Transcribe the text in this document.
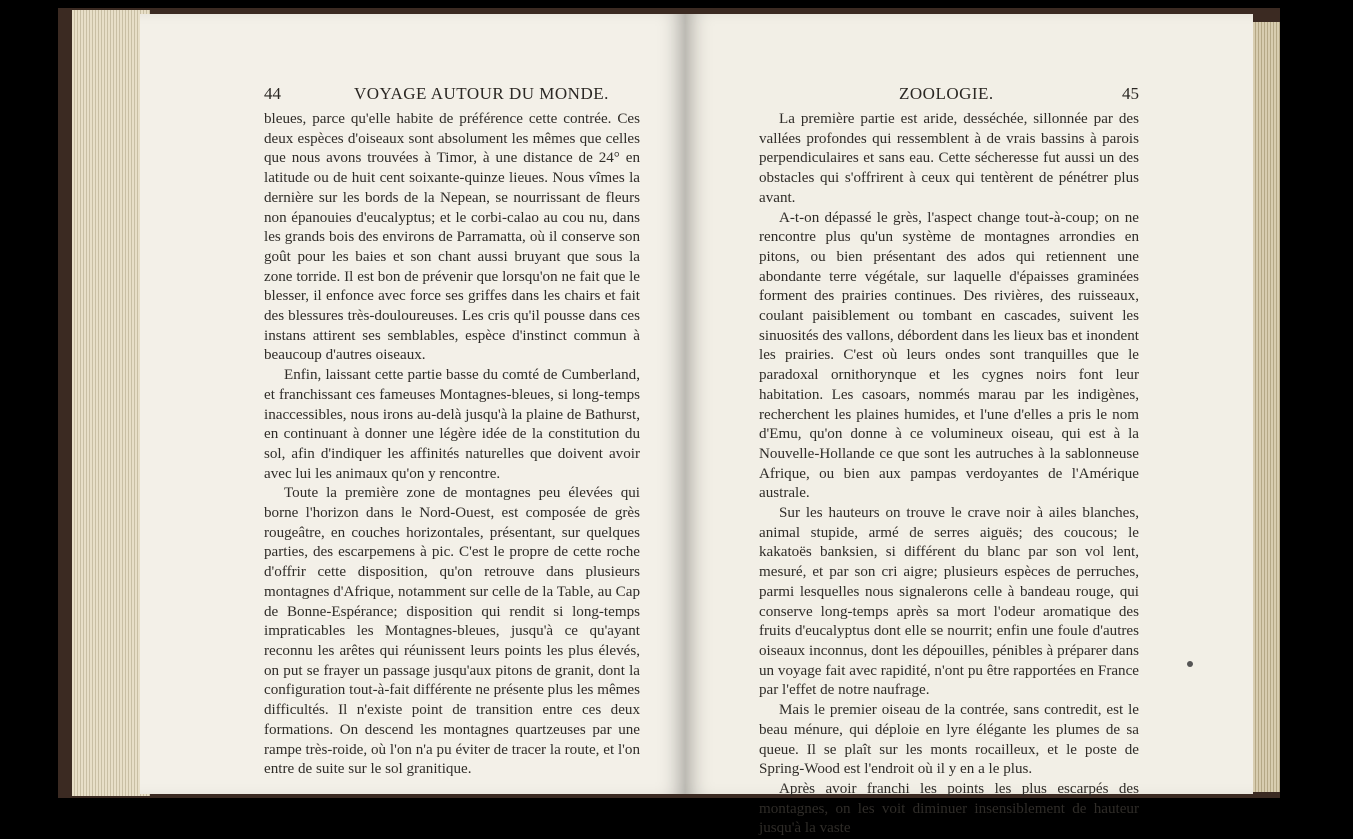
44	VOYAGE AUTOUR DU MONDE.

bleues, parce qu'elle habite de préférence cette contrée. Ces deux espèces d'oiseaux sont absolument les mêmes que celles que nous avons trouvées à Timor, à une distance de 24° en latitude ou de huit cent soixante-quinze lieues. Nous vîmes la dernière sur les bords de la Nepean, se nourrissant de fleurs non épanouies d'eucalyptus; et le corbi-calao au cou nu, dans les grands bois des environs de Parramatta, où il conserve son goût pour les baies et son chant aussi bruyant que sous la zone torride. Il est bon de prévenir que lorsqu'on ne fait que le blesser, il enfonce avec force ses griffes dans les chairs et fait des blessures très-douloureuses. Les cris qu'il pousse dans ces instans attirent ses semblables, espèce d'instinct commun à beaucoup d'autres oiseaux.

Enfin, laissant cette partie basse du comté de Cumberland, et franchissant ces fameuses Montagnes-bleues, si long-temps inaccessibles, nous irons au-delà jusqu'à la plaine de Bathurst, en continuant à donner une légère idée de la constitution du sol, afin d'indiquer les affinités naturelles que doivent avoir avec lui les animaux qu'on y rencontre.

Toute la première zone de montagnes peu élevées qui borne l'horizon dans le Nord-Ouest, est composée de grès rougeâtre, en couches horizontales, présentant, sur quelques parties, des escarpemens à pic. C'est le propre de cette roche d'offrir cette disposition, qu'on retrouve dans plusieurs montagnes d'Afrique, notamment sur celle de la Table, au Cap de Bonne-Espérance; disposition qui rendit si long-temps impraticables les Montagnes-bleues, jusqu'à ce qu'ayant reconnu les arêtes qui réunissent leurs points les plus élevés, on put se frayer un passage jusqu'aux pitons de granit, dont la configuration tout-à-fait différente ne présente plus les mêmes difficultés. Il n'existe point de transition entre ces deux formations. On descend les montagnes quartzeuses par une rampe très-roide, où l'on n'a pu éviter de tracer la route, et l'on entre de suite sur le sol granitique.

ZOOLOGIE.	45

La première partie est aride, desséchée, sillonnée par des vallées profondes qui ressemblent à de vrais bassins à parois perpendiculaires et sans eau. Cette sécheresse fut aussi un des obstacles qui s'offrirent à ceux qui tentèrent de pénétrer plus avant.

A-t-on dépassé le grès, l'aspect change tout-à-coup; on ne rencontre plus qu'un système de montagnes arrondies en pitons, ou bien présentant des ados qui retiennent une abondante terre végétale, sur laquelle d'épaisses graminées forment des prairies continues. Des rivières, des ruisseaux, coulant paisiblement ou tombant en cascades, suivent les sinuosités des vallons, débordent dans les lieux bas et inondent les prairies. C'est où leurs ondes sont tranquilles que le paradoxal ornithorynque et les cygnes noirs font leur habitation. Les casoars, nommés marau par les indigènes, recherchent les plaines humides, et l'une d'elles a pris le nom d'Emu, qu'on donne à ce volumineux oiseau, qui est à la Nouvelle-Hollande ce que sont les autruches à la sablonneuse Afrique, ou bien aux pampas verdoyantes de l'Amérique australe.

Sur les hauteurs on trouve le crave noir à ailes blanches, animal stupide, armé de serres aiguës; des coucous; le kakatoës banksien, si différent du blanc par son vol lent, mesuré, et par son cri aigre; plusieurs espèces de perruches, parmi lesquelles nous signalerons celle à bandeau rouge, qui conserve long-temps après sa mort l'odeur aromatique des fruits d'eucalyptus dont elle se nourrit; enfin une foule d'autres oiseaux inconnus, dont les dépouilles, pénibles à préparer dans un voyage fait avec rapidité, n'ont pu être rapportées en France par l'effet de notre naufrage.

Mais le premier oiseau de la contrée, sans contredit, est le beau ménure, qui déploie en lyre élégante les plumes de sa queue. Il se plaît sur les monts rocailleux, et le poste de Spring-Wood est l'endroit où il y en a le plus.

Après avoir franchi les points les plus escarpés des montagnes, on les voit diminuer insensiblement de hauteur jusqu'à la vaste
